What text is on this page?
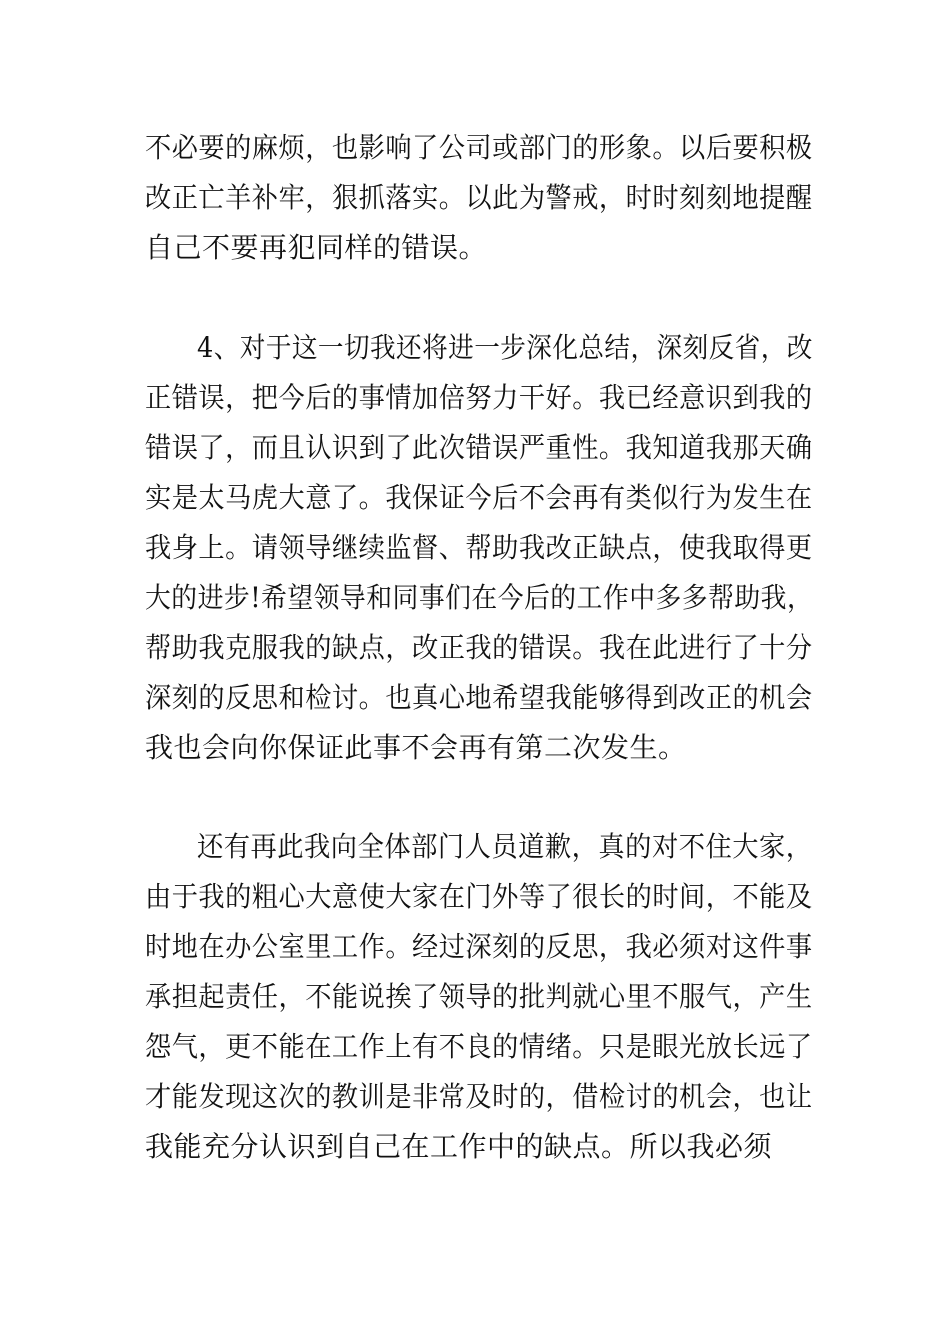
不必要的麻烦，也影响了公司或部门的形象。以后要积极
改正亡羊补牢，狠抓落实。以此为警戒，时时刻刻地提醒
自己不要再犯同样的错误。
4、对于这一切我还将进一步深化总结，深刻反省，改
正错误，把今后的事情加倍努力干好。我已经意识到我的
错误了，而且认识到了此次错误严重性。我知道我那天确
实是太马虎大意了。我保证今后不会再有类似行为发生在
我身上。请领导继续监督、帮助我改正缺点，使我取得更
大的进步!希望领导和同事们在今后的工作中多多帮助我，
帮助我克服我的缺点，改正我的错误。我在此进行了十分
深刻的反思和检讨。也真心地希望我能够得到改正的机会
我也会向你保证此事不会再有第二次发生。
还有再此我向全体部门人员道歉，真的对不住大家，
由于我的粗心大意使大家在门外等了很长的时间，不能及
时地在办公室里工作。经过深刻的反思，我必须对这件事
承担起责任，不能说挨了领导的批判就心里不服气，产生
怨气，更不能在工作上有不良的情绪。只是眼光放长远了
才能发现这次的教训是非常及时的，借检讨的机会，也让
我能充分认识到自己在工作中的缺点。所以我必须
